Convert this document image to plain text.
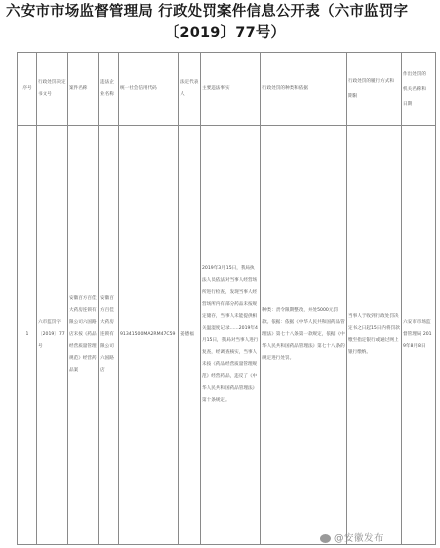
六安市市场监督管理局 行政处罚案件信息公开表（六市监罚字
〔2019〕77号）
序号	行政处罚决定书文号	案件名称	违法企业名称	统一社会信用代码	法定代表人	主要违法事实	行政处罚的种类和依据	行政处罚的履行方式和
期限	作出处罚的
机关名称和
日期

1	六市监罚字〔2019〕77号	安徽百方百佳大药房连锁有限公司六国路店未按《药品经营质量管理规范》经营药品案	安徽百方百佳大药房连锁有限公司六国路店	91341500MA2RM47C59	姜德福	2019年3月15日，我局执法人员依法对当事人经营场所进行检查，发现当事人经营场所内有部分药品未按规定储存，当事人未能提供相关温湿度记录……2019年4月15日，我局对当事人进行复查，经调查核实，当事人未按《药品经营质量管理规范》经营药品，违反了《中华人民共和国药品管理法》第十条规定。	种类：责令限期整改，并处5000元罚款。依据：依据《中华人民共和国药品管理法》第七十八条第一款规定，依据《中华人民共和国药品管理法》第七十八条的规定进行处罚。	当事人于收到行政处罚决定书之日起15日内将罚款缴至指定银行或通过网上银行缴纳。	六安市市场监督管理局 2019年8月8日
@安徽发布
